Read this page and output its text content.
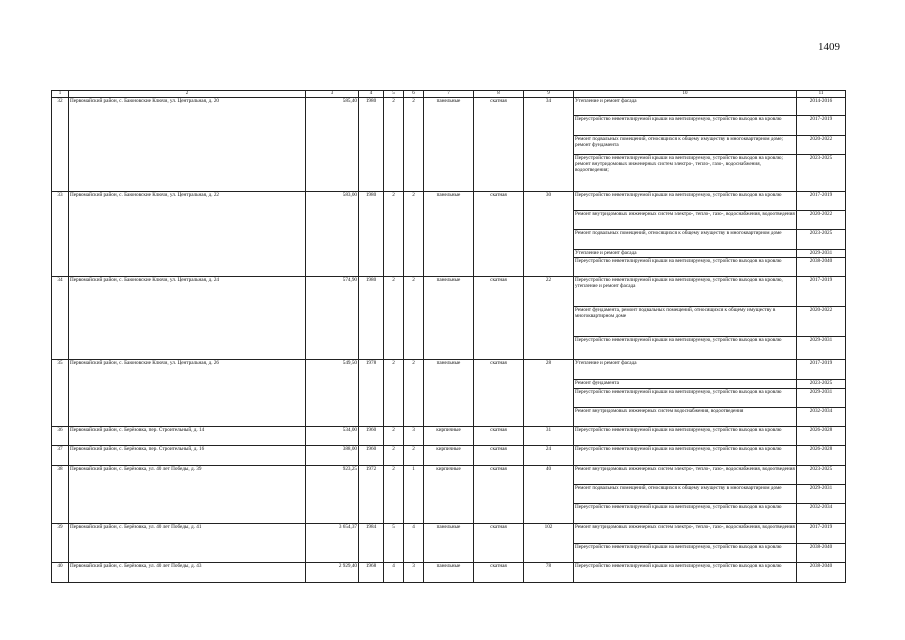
1409
1	2	3	4	5	6	7	8	9	10	11
32	Первомайский район, с. Баюновские Ключи, ул. Центральная, д. 20	585,40	1980	2	2	панельные	скатная	34	Утепление и ремонт фасада	2014-2016
									Переустройство невентилируемой крыши на вентилируемую, устройство выходов на кровлю	2017-2019
									Ремонт подвальных помещений, относящихся к общему имуществу в многоквартирном доме; ремонт фундамента	2020-2022
									Переустройство невентилируемой крыши на вентилируемую, устройство выходов на кровлю; ремонт внутридомовых инженерных систем электро-, тепло-, газо-, водоснабжения, водоотведения;	2023-2025
33	Первомайский район, с. Баюновские Ключи, ул. Центральная, д. 22	583,00	1980	2	2	панельные	скатная	30	Переустройство невентилируемой крыши на вентилируемую, устройство выходов на кровлю	2017-2019
									Ремонт внутридомовых инженерных систем электро-, тепло-, газо-, водоснабжения, водоотведения	2020-2022
									Ремонт подвальных помещений, относящихся к общему имуществу в многоквартирном доме	2023-2025
									Утепление и ремонт фасада	2029-2031
									Переустройство невентилируемой крыши на вентилируемую, устройство выходов на кровлю	2038-2040
34	Первомайский район, с. Баюновские Ключи, ул. Центральная, д. 24	574,90	1980	2	2	панельные	скатная	22	Переустройство невентилируемой крыши на вентилируемую, устройство выходов на кровлю, утепление и ремонт фасада	2017-2019
									Ремонт фундамента, ремонт подвальных помещений, относящихся к общему имуществу в многоквартирном доме	2020-2022
									Переустройство невентилируемой крыши на вентилируемую, устройство выходов на кровлю	2029-2031
35	Первомайский район, с. Баюновские Ключи, ул. Центральная, д. 26	549,50	1978	2	2	панельные	скатная	28	Утепление и ремонт фасада	2017-2019
									Ремонт фундамента	2023-2025
									Переустройство невентилируемой крыши на вентилируемую, устройство выходов на кровлю	2029-2031
									Ремонт внутридомовых инженерных систем водоснабжения, водоотведения	2032-2034
36	Первомайский район, с. Берёзовка, пер. Строительный, д. 14	534,00	1960	2	3	кирпичные	скатная	31	Переустройство невентилируемой крыши на вентилируемую, устройство выходов на кровлю	2026-2028
37	Первомайский район, с. Берёзовка, пер. Строительный, д. 16	388,00	1960	2	2	кирпичные	скатная	24	Переустройство невентилируемой крыши на вентилируемую, устройство выходов на кровлю	2026-2028
38	Первомайский район, с. Берёзовка, ул. 40 лет Победы, д. 39	923,25	1972	2	1	кирпичные	скатная	40	Ремонт внутридомовых инженерных систем электро-, тепло-, газо-, водоснабжения, водоотведения	2023-2025
									Ремонт подвальных помещений, относящихся к общему имуществу в многоквартирном доме	2029-2031
									Переустройство невентилируемой крыши на вентилируемую, устройство выходов на кровлю	2032-2034
39	Первомайский район, с. Берёзовка, ул. 40 лет Победы, д. 41	3 654,37	1984	5	4	панельные	скатная	102	Ремонт внутридомовых инженерных систем электро-, тепло-, газо-, водоснабжения, водоотведения	2017-2019
									Переустройство невентилируемой крыши на вентилируемую, устройство выходов на кровлю	2038-2040
40	Первомайский район, с. Берёзовка, ул. 40 лет Победы, д. 43	2 929,40	1968	4	3	панельные	скатная	78	Переустройство невентилируемой крыши на вентилируемую, устройство выходов на кровлю	2038-2040
